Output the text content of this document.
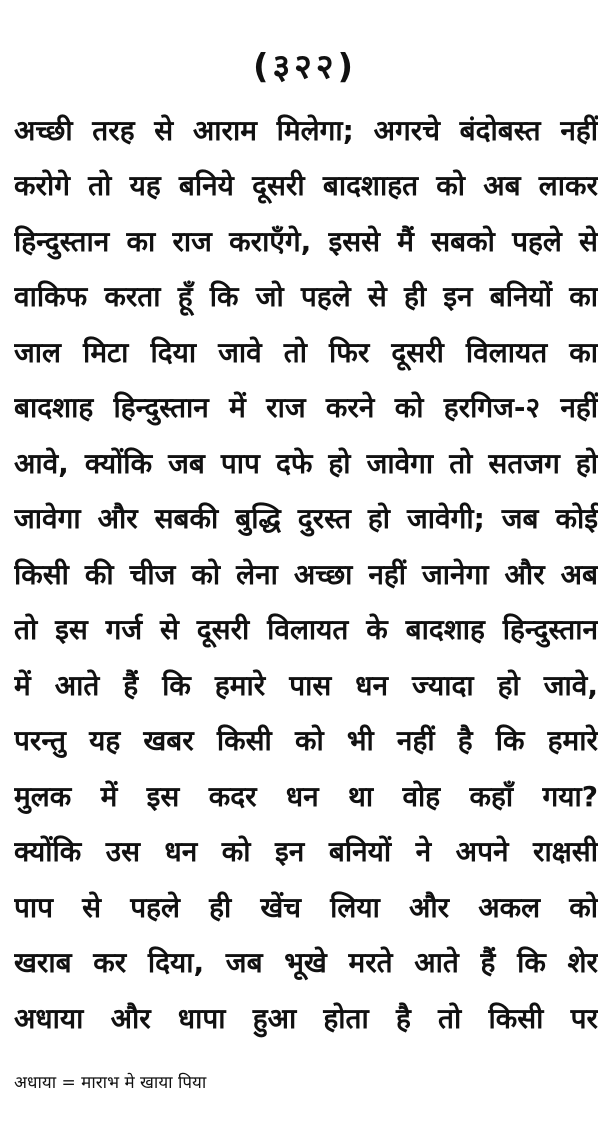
(३२२)
अच्छी तरह से आराम मिलेगा; अगरचे बंदोबस्त नहीं
करोगे तो यह बनिये दूसरी बादशाहत को अब लाकर
हिन्दुस्तान का राज कराएँगे, इससे मैं सबको पहले से
वाकिफ करता हूँ कि जो पहले से ही इन बनियों का
जाल मिटा दिया जावे तो फिर दूसरी विलायत का
बादशाह हिन्दुस्तान में राज करने को हरगिज-२ नहीं
आवे, क्योंकि जब पाप दफे हो जावेगा तो सतजग हो
जावेगा और सबकी बुद्धि दुरस्त हो जावेगी; जब कोई
किसी की चीज को लेना अच्छा नहीं जानेगा और अब
तो इस गर्ज से दूसरी विलायत के बादशाह हिन्दुस्तान
में आते हैं कि हमारे पास धन ज्यादा हो जावे,
परन्तु यह खबर किसी को भी नहीं है कि हमारे
मुलक में इस कदर धन था वोह कहाँ गया?
क्योंकि उस धन को इन बनियों ने अपने राक्षसी
पाप से पहले ही खेंच लिया और अकल को
खराब कर दिया, जब भूखे मरते आते हैं कि शेर
अधाया और धापा हुआ होता है तो किसी पर
अधाया = माराभ मे खाया पिया
